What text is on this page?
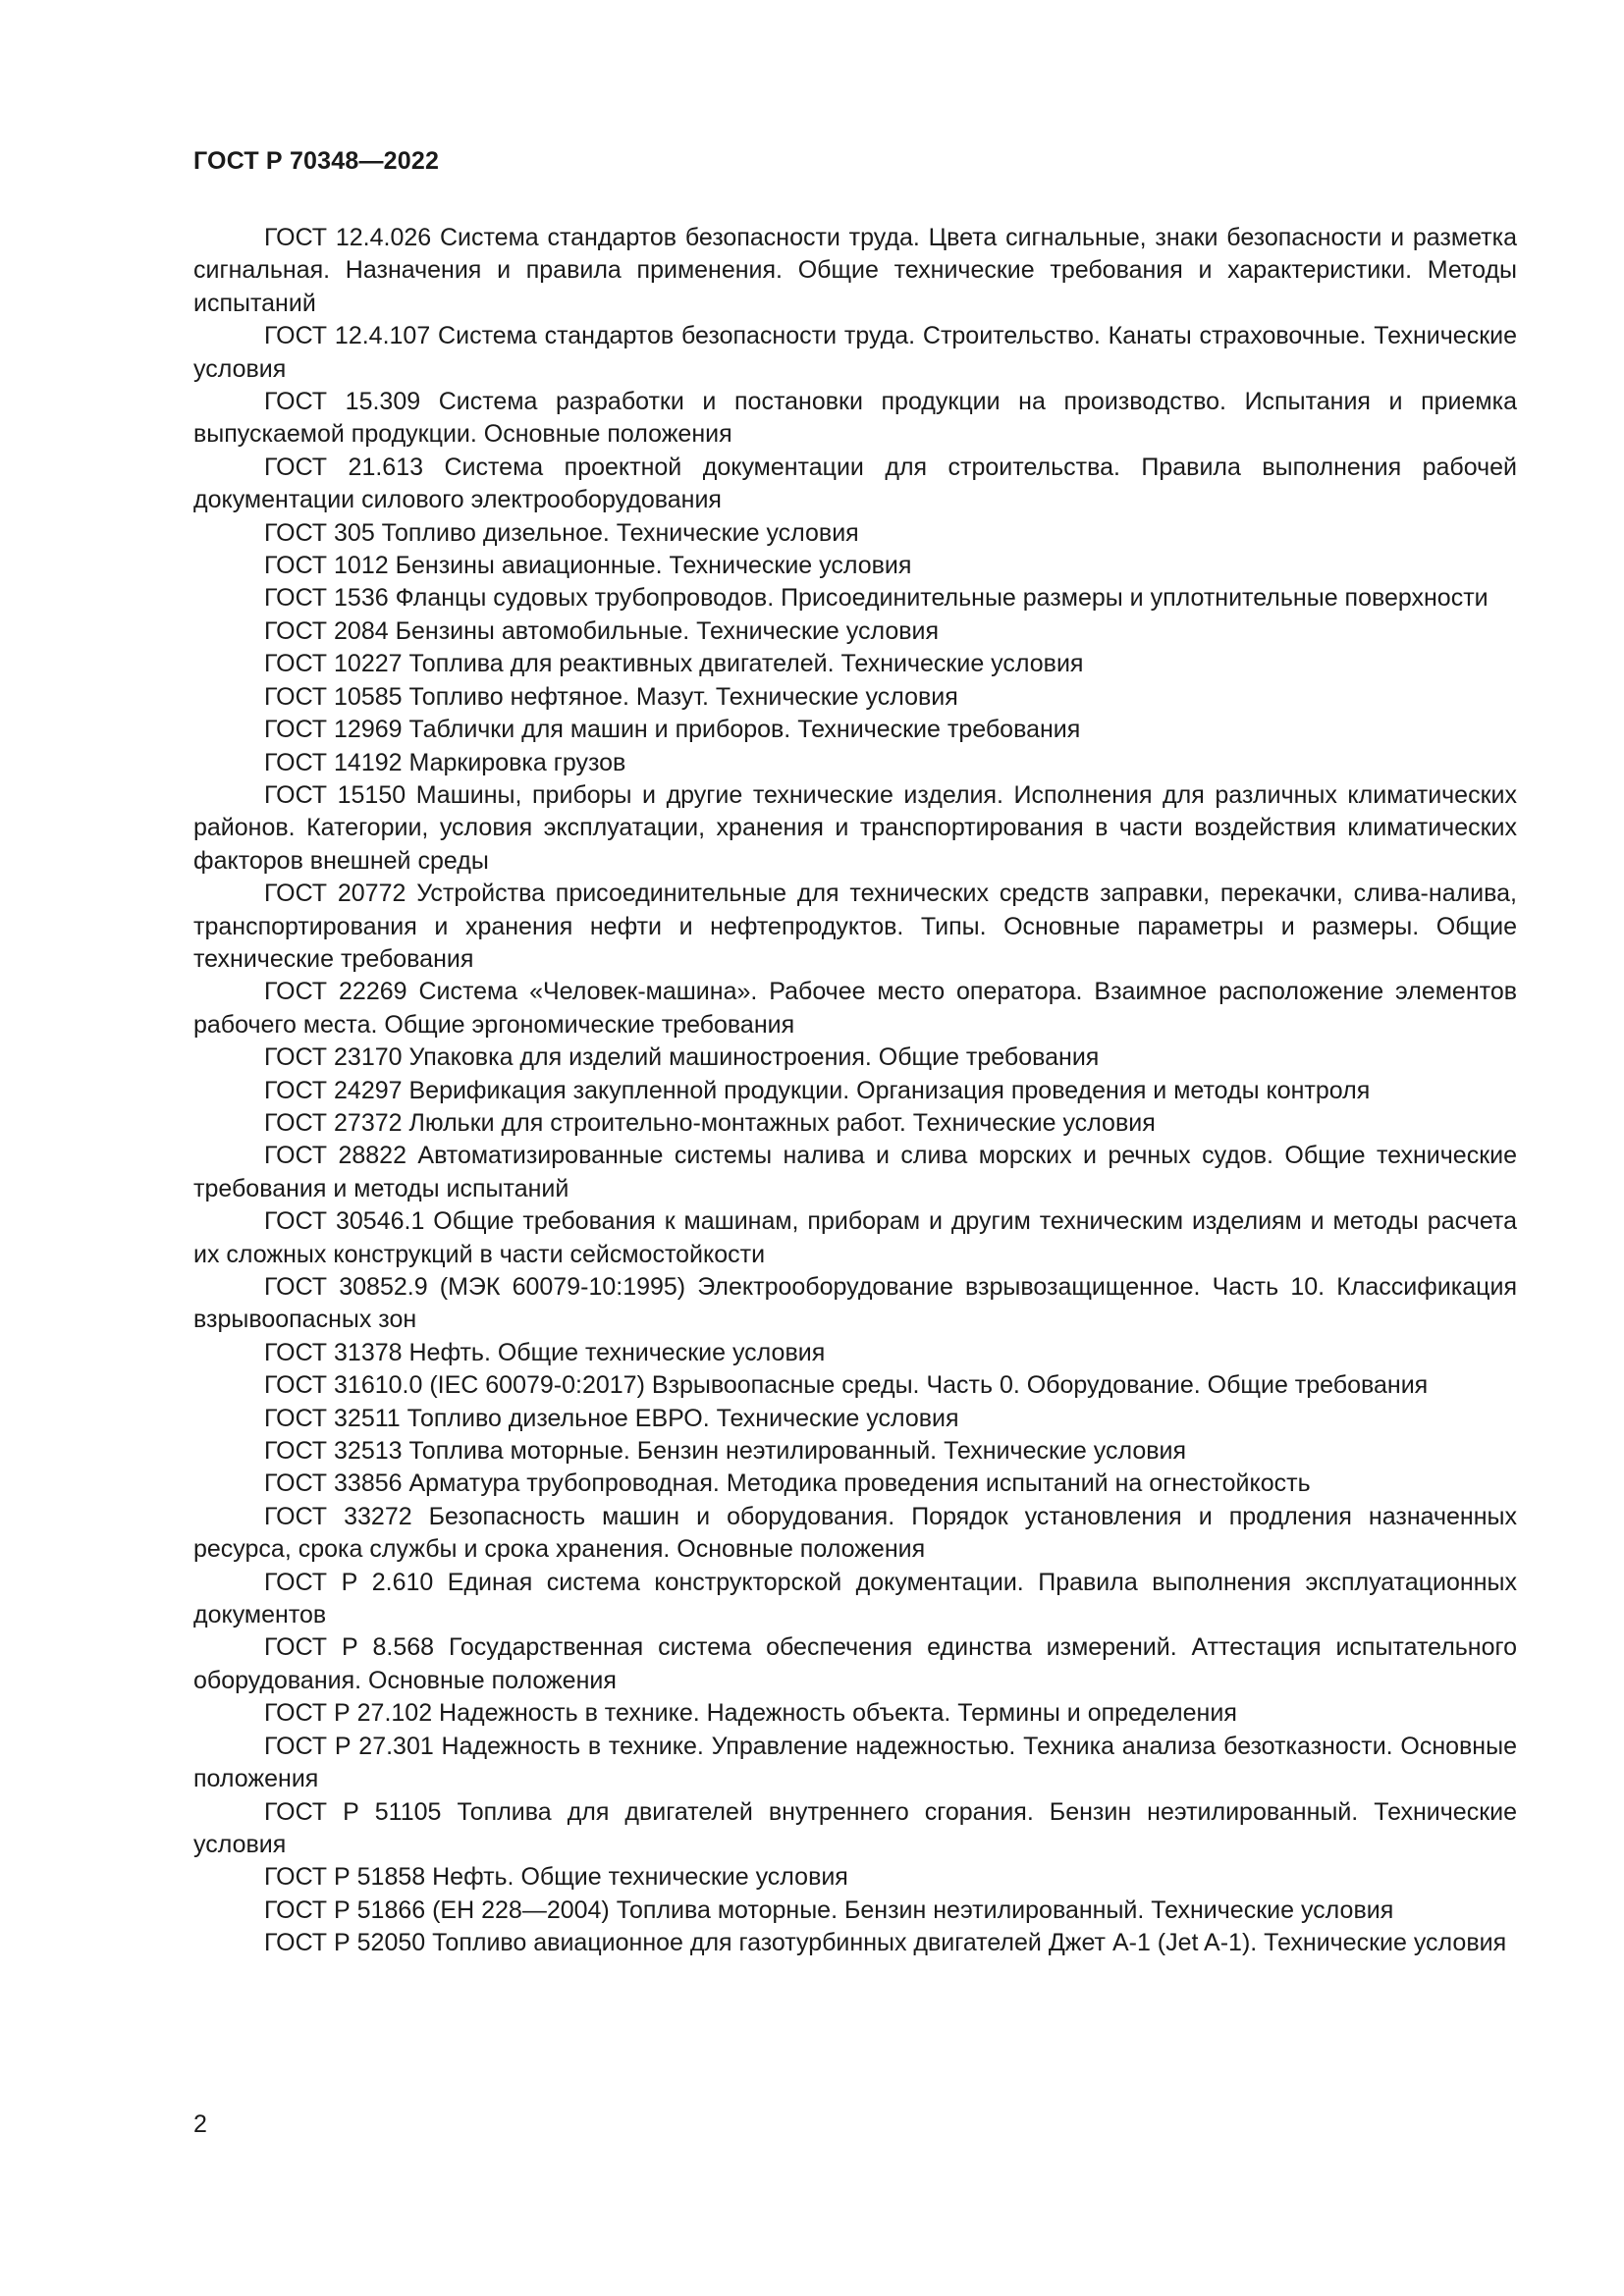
ГОСТ Р 70348—2022

ГОСТ 12.4.026 Система стандартов безопасности труда. Цвета сигнальные, знаки безопасности и разметка сигнальная. Назначения и правила применения. Общие технические требования и характеристики. Методы испытаний

ГОСТ 12.4.107 Система стандартов безопасности труда. Строительство. Канаты страховочные. Технические условия

ГОСТ 15.309 Система разработки и постановки продукции на производство. Испытания и приемка выпускаемой продукции. Основные положения

ГОСТ 21.613 Система проектной документации для строительства. Правила выполнения рабочей документации силового электрооборудования

ГОСТ 305 Топливо дизельное. Технические условия

ГОСТ 1012 Бензины авиационные. Технические условия

ГОСТ 1536 Фланцы судовых трубопроводов. Присоединительные размеры и уплотнительные поверхности

ГОСТ 2084 Бензины автомобильные. Технические условия

ГОСТ 10227 Топлива для реактивных двигателей. Технические условия

ГОСТ 10585 Топливо нефтяное. Мазут. Технические условия

ГОСТ 12969 Таблички для машин и приборов. Технические требования

ГОСТ 14192 Маркировка грузов

ГОСТ 15150 Машины, приборы и другие технические изделия. Исполнения для различных климатических районов. Категории, условия эксплуатации, хранения и транспортирования в части воздействия климатических факторов внешней среды

ГОСТ 20772 Устройства присоединительные для технических средств заправки, перекачки, слива-налива, транспортирования и хранения нефти и нефтепродуктов. Типы. Основные параметры и размеры. Общие технические требования

ГОСТ 22269 Система «Человек-машина». Рабочее место оператора. Взаимное расположение элементов рабочего места. Общие эргономические требования

ГОСТ 23170 Упаковка для изделий машиностроения. Общие требования

ГОСТ 24297 Верификация закупленной продукции. Организация проведения и методы контроля

ГОСТ 27372 Люльки для строительно-монтажных работ. Технические условия

ГОСТ 28822 Автоматизированные системы налива и слива морских и речных судов. Общие технические требования и методы испытаний

ГОСТ 30546.1 Общие требования к машинам, приборам и другим техническим изделиям и методы расчета их сложных конструкций в части сейсмостойкости

ГОСТ 30852.9 (МЭК 60079-10:1995) Электрооборудование взрывозащищенное. Часть 10. Классификация взрывоопасных зон

ГОСТ 31378 Нефть. Общие технические условия

ГОСТ 31610.0 (IEC 60079-0:2017) Взрывоопасные среды. Часть 0. Оборудование. Общие требования

ГОСТ 32511 Топливо дизельное ЕВРО. Технические условия

ГОСТ 32513 Топлива моторные. Бензин неэтилированный. Технические условия

ГОСТ 33856 Арматура трубопроводная. Методика проведения испытаний на огнестойкость

ГОСТ 33272 Безопасность машин и оборудования. Порядок установления и продления назначенных ресурса, срока службы и срока хранения. Основные положения

ГОСТ Р 2.610 Единая система конструкторской документации. Правила выполнения эксплуатационных документов

ГОСТ Р 8.568 Государственная система обеспечения единства измерений. Аттестация испытательного оборудования. Основные положения

ГОСТ Р 27.102 Надежность в технике. Надежность объекта. Термины и определения

ГОСТ Р 27.301 Надежность в технике. Управление надежностью. Техника анализа безотказности. Основные положения

ГОСТ Р 51105 Топлива для двигателей внутреннего сгорания. Бензин неэтилированный. Технические условия

ГОСТ Р 51858 Нефть. Общие технические условия

ГОСТ Р 51866 (ЕН 228—2004) Топлива моторные. Бензин неэтилированный. Технические условия

ГОСТ Р 52050 Топливо авиационное для газотурбинных двигателей Джет А-1 (Jet A-1). Технические условия

2
